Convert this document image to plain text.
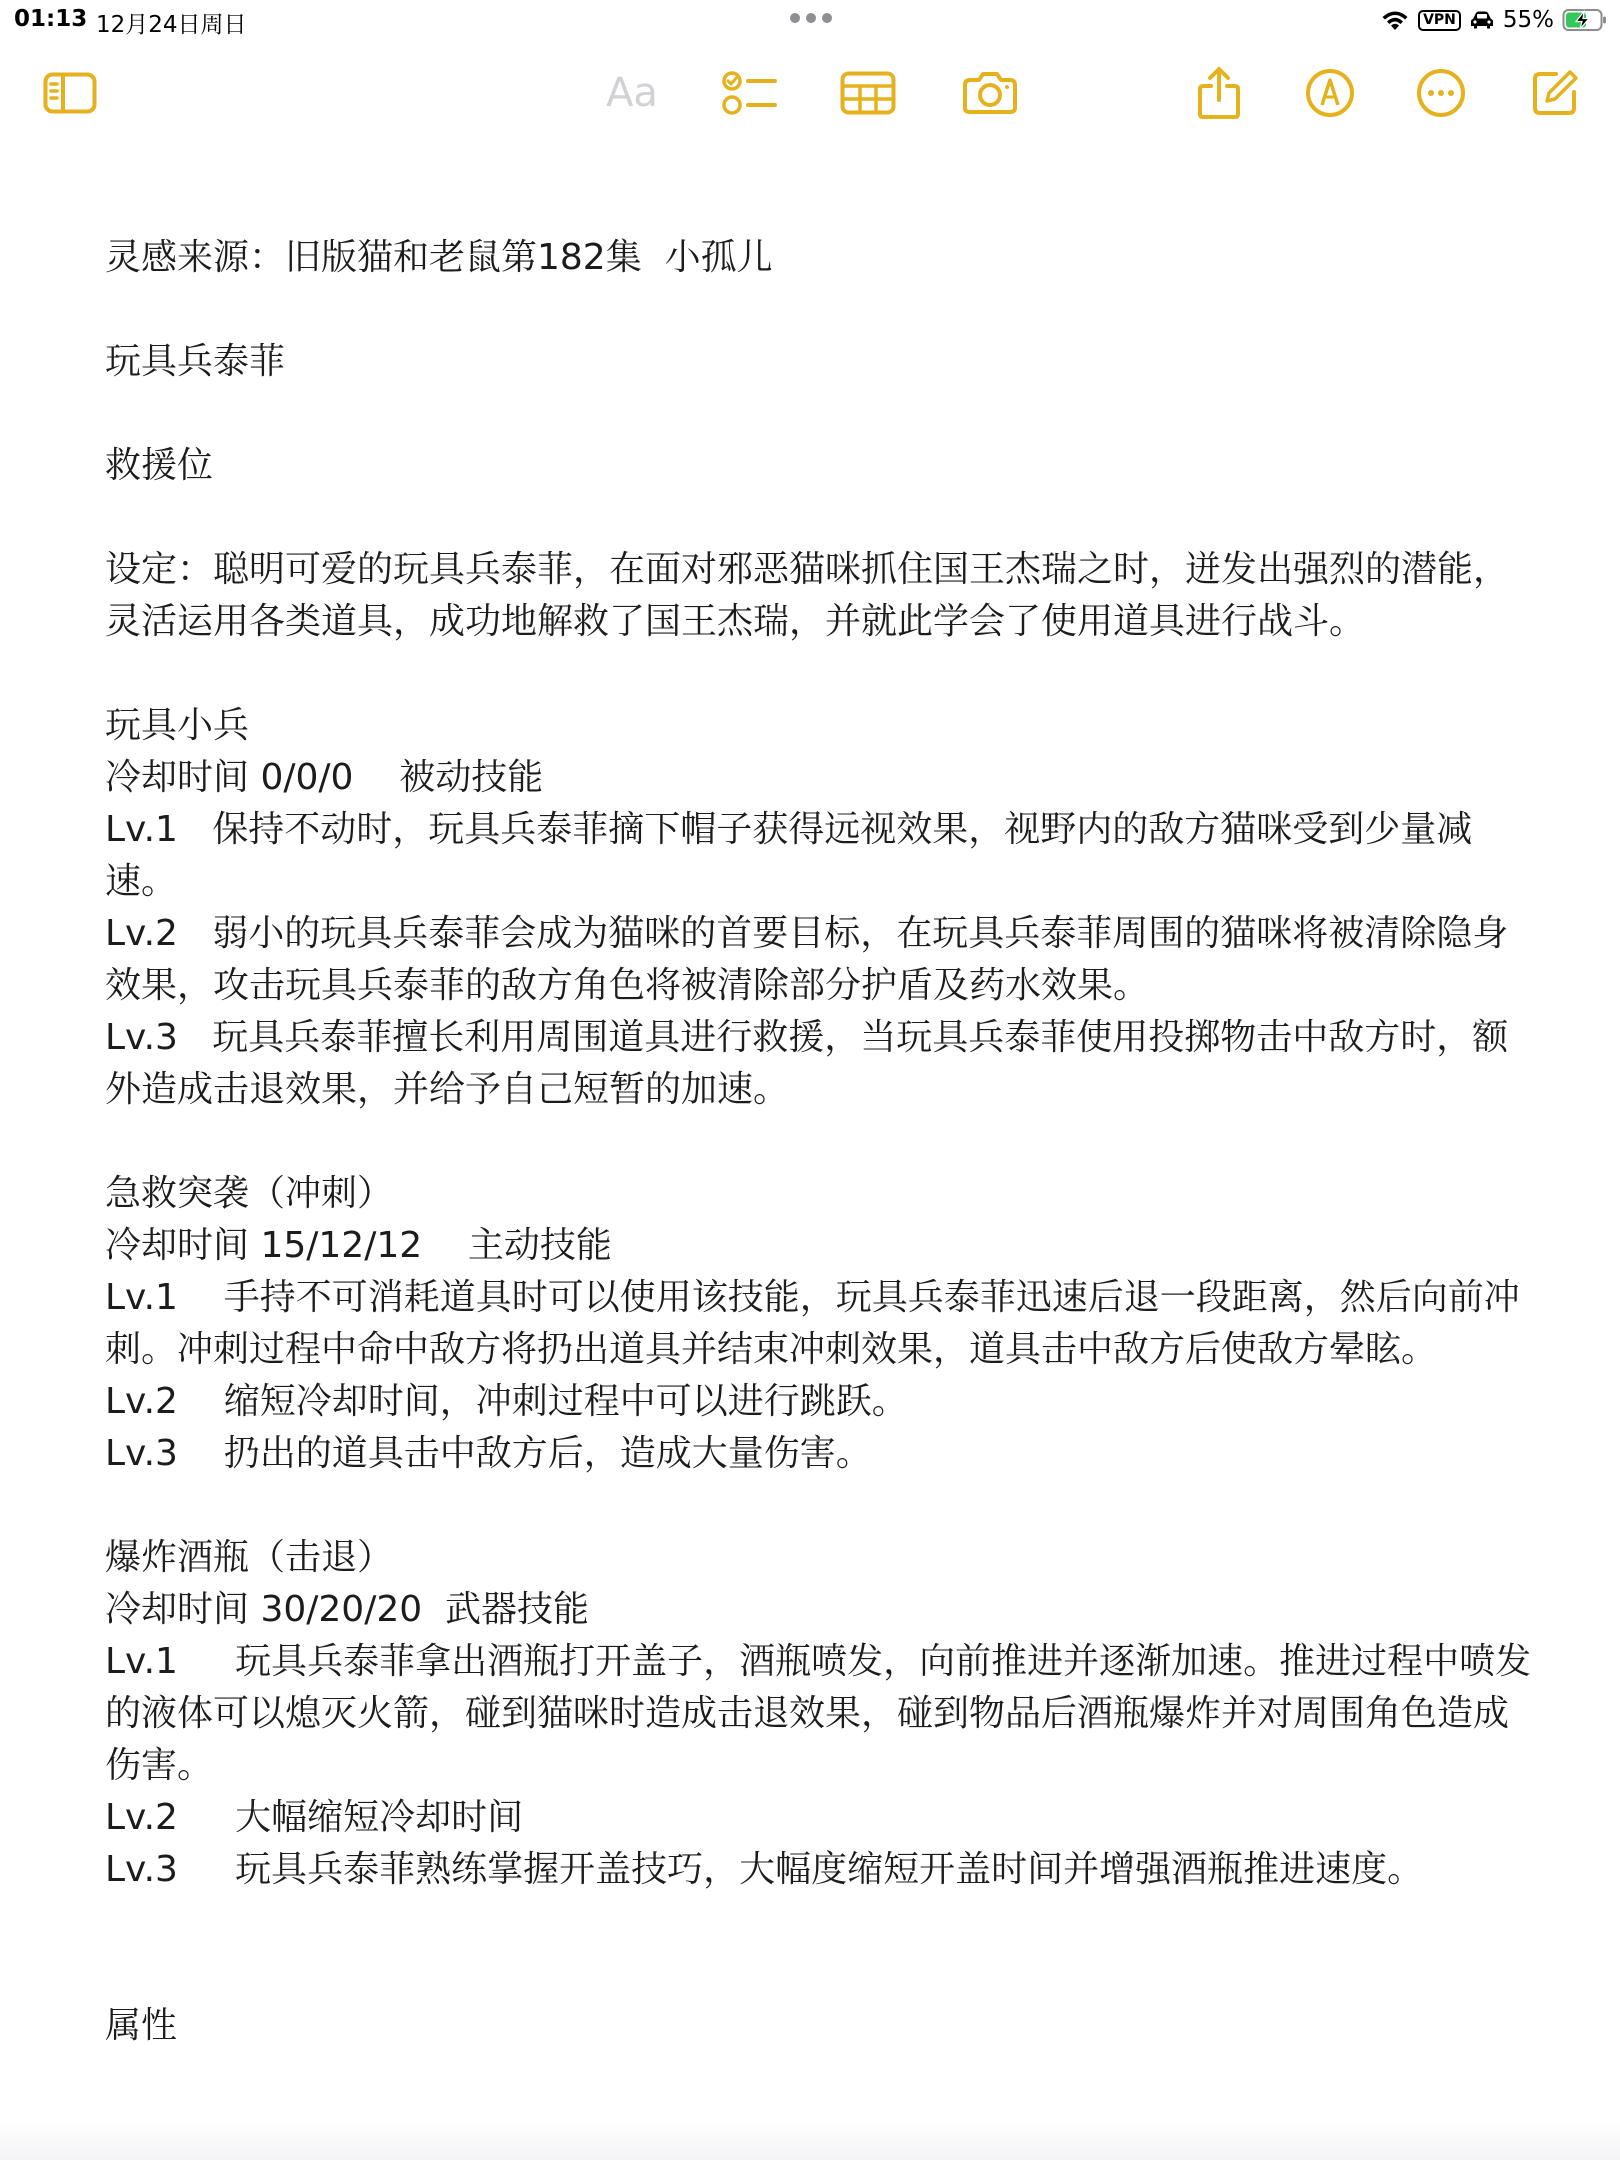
01:13 12月24日周日	VPN 55%
Aa

灵感来源：旧版猫和老鼠第182集  小孤儿

玩具兵泰菲

救援位

设定：聪明可爱的玩具兵泰菲，在面对邪恶猫咪抓住国王杰瑞之时，迸发出强烈的潜能，灵活运用各类道具，成功地解救了国王杰瑞，并就此学会了使用道具进行战斗。

玩具小兵

冷却时间 0/0/0    被动技能

Lv.1   保持不动时，玩具兵泰菲摘下帽子获得远视效果，视野内的敌方猫咪受到少量减速。

Lv.2   弱小的玩具兵泰菲会成为猫咪的首要目标，在玩具兵泰菲周围的猫咪将被清除隐身效果，攻击玩具兵泰菲的敌方角色将被清除部分护盾及药水效果。

Lv.3   玩具兵泰菲擅长利用周围道具进行救援，当玩具兵泰菲使用投掷物击中敌方时，额外造成击退效果，并给予自己短暂的加速。

急救突袭（冲刺）

冷却时间 15/12/12    主动技能

Lv.1    手持不可消耗道具时可以使用该技能，玩具兵泰菲迅速后退一段距离，然后向前冲刺。冲刺过程中命中敌方将扔出道具并结束冲刺效果，道具击中敌方后使敌方晕眩。

Lv.2    缩短冷却时间，冲刺过程中可以进行跳跃。

Lv.3    扔出的道具击中敌方后，造成大量伤害。

爆炸酒瓶（击退）

冷却时间 30/20/20  武器技能

Lv.1     玩具兵泰菲拿出酒瓶打开盖子，酒瓶喷发，向前推进并逐渐加速。推进过程中喷发的液体可以熄灭火箭，碰到猫咪时造成击退效果，碰到物品后酒瓶爆炸并对周围角色造成伤害。

Lv.2     大幅缩短冷却时间

Lv.3     玩具兵泰菲熟练掌握开盖技巧，大幅度缩短开盖时间并增强酒瓶推进速度。

属性
